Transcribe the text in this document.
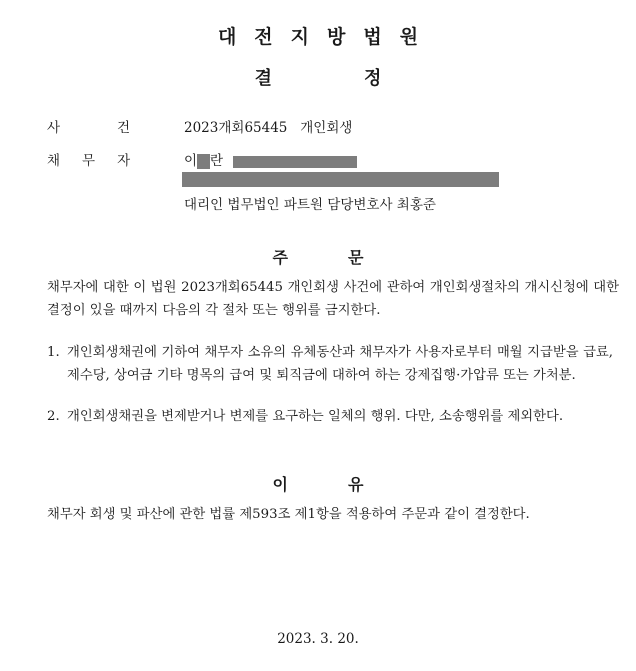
대전지방법원
결정
사건
2023개회65445   개인회생
채무자 이 란
대리인 법무법인 파트원 담당변호사 최홍준
주문
채무자에 대한 이 법원 2023개회65445 개인회생 사건에 관하여 개인회생절차의 개시신청에 대한 결정이 있을 때까지 다음의 각 절차 또는 행위를 금지한다.
1. 개인회생채권에 기하여 채무자 소유의 유체동산과 채무자가 사용자로부터 매월 지급받을 급료, 제수당, 상여금 기타 명목의 급여 및 퇴직금에 대하여 하는 강제집행·가압류 또는 가처분.
2. 개인회생채권을 변제받거나 변제를 요구하는 일체의 행위. 다만, 소송행위를 제외한다.
이유
채무자 회생 및 파산에 관한 법률 제593조 제1항을 적용하여 주문과 같이 결정한다.
2023. 3. 20.
